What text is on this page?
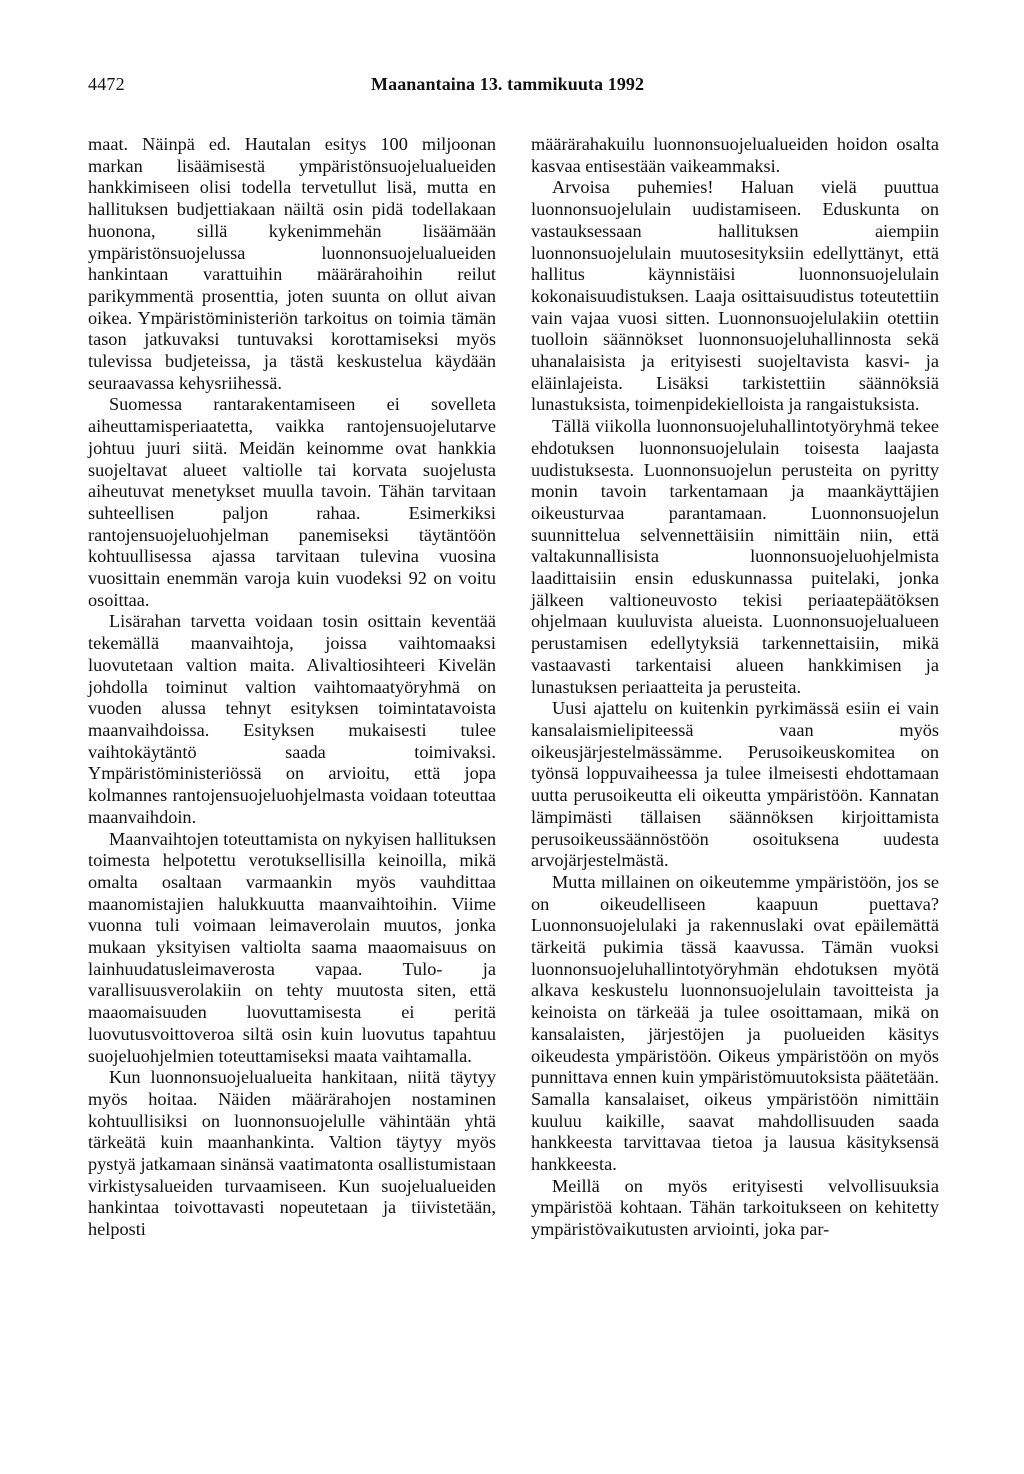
4472	Maanantaina 13. tammikuuta 1992

maat. Näinpä ed. Hautalan esitys 100 miljoonan markan lisäämisestä ympäristönsuojelualueiden hankkimiseen olisi todella tervetullut lisä, mutta en hallituksen budjettiakaan näiltä osin pidä todellakaan huonona, sillä kykenimmehän lisäämään ympäristönsuojelussa luonnonsuojelualueiden hankintaan varattuihin määrärahoihin reilut parikymmentä prosenttia, joten suunta on ollut aivan oikea. Ympäristöministeriön tarkoitus on toimia tämän tason jatkuvaksi tuntuvaksi korottamiseksi myös tulevissa budjeteissa, ja tästä keskustelua käydään seuraavassa kehysriihessä.

Suomessa rantarakentamiseen ei sovelleta aiheuttamisperiaatetta, vaikka rantojensuojelutarve johtuu juuri siitä. Meidän keinomme ovat hankkia suojeltavat alueet valtiolle tai korvata suojelusta aiheutuvat menetykset muulla tavoin. Tähän tarvitaan suhteellisen paljon rahaa. Esimerkiksi rantojensuojeluohjelman panemiseksi täytäntöön kohtuullisessa ajassa tarvitaan tulevina vuosina vuosittain enemmän varoja kuin vuodeksi 92 on voitu osoittaa.

Lisärahan tarvetta voidaan tosin osittain keventää tekemällä maanvaihtoja, joissa vaihtomaaksi luovutetaan valtion maita. Alivaltiosihteeri Kivelän johdolla toiminut valtion vaihtomaatyöryhmä on vuoden alussa tehnyt esityksen toimintatavoista maanvaihdoissa. Esityksen mukaisesti tulee vaihtokäytäntö saada toimivaksi. Ympäristöministeriössä on arvioitu, että jopa kolmannes rantojensuojeluohjelmasta voidaan toteuttaa maanvaihdoin.

Maanvaihtojen toteuttamista on nykyisen hallituksen toimesta helpotettu verotuksellisilla keinoilla, mikä omalta osaltaan varmaankin myös vauhdittaa maanomistajien halukkuutta maanvaihtoihin. Viime vuonna tuli voimaan leimaverolain muutos, jonka mukaan yksityisen valtiolta saama maaomaisuus on lainhuudatusleimaverosta vapaa. Tulo- ja varallisuusverolakiin on tehty muutosta siten, että maaomaisuuden luovuttamisesta ei peritä luovutusvoittoveroa siltä osin kuin luovutus tapahtuu suojeluohjelmien toteuttamiseksi maata vaihtamalla.

Kun luonnonsuojelualueita hankitaan, niitä täytyy myös hoitaa. Näiden määrärahojen nostaminen kohtuullisiksi on luonnonsuojelulle vähintään yhtä tärkeätä kuin maanhankinta. Valtion täytyy myös pystyä jatkamaan sinänsä vaatimatonta osallistumistaan virkistysalueiden turvaamiseen. Kun suojelualueiden hankintaa toivottavasti nopeutetaan ja tiivistetään, helposti

määrärahakuilu luonnonsuojelualueiden hoidon osalta kasvaa entisestään vaikeammaksi.

Arvoisa puhemies! Haluan vielä puuttua luonnonsuojelulain uudistamiseen. Eduskunta on vastauksessaan hallituksen aiempiin luonnonsuojelulain muutosesityksiin edellyttänyt, että hallitus käynnistäisi luonnonsuojelulain kokonaisuudistuksen. Laaja osittaisuudistus toteutettiin vain vajaa vuosi sitten. Luonnonsuojelulakiin otettiin tuolloin säännökset luonnonsuojeluhallinnosta sekä uhanalaisista ja erityisesti suojeltavista kasvi- ja eläinlajeista. Lisäksi tarkistettiin säännöksiä lunastuksista, toimenpidekielloista ja rangaistuksista.

Tällä viikolla luonnonsuojeluhallintotyöryhmä tekee ehdotuksen luonnonsuojelulain toisesta laajasta uudistuksesta. Luonnonsuojelun perusteita on pyritty monin tavoin tarkentamaan ja maankäyttäjien oikeusturvaa parantamaan. Luonnonsuojelun suunnittelua selvennettäisiin nimittäin niin, että valtakunnallisista luonnonsuojeluohjelmista laadittaisiin ensin eduskunnassa puitelaki, jonka jälkeen valtioneuvosto tekisi periaatepäätöksen ohjelmaan kuuluvista alueista. Luonnonsuojelualueen perustamisen edellytyksiä tarkennettaisiin, mikä vastaavasti tarkentaisi alueen hankkimisen ja lunastuksen periaatteita ja perusteita.

Uusi ajattelu on kuitenkin pyrkimässä esiin ei vain kansalaismielipiteessä vaan myös oikeusjärjestelmässämme. Perusoikeuskomitea on työnsä loppuvaiheessa ja tulee ilmeisesti ehdottamaan uutta perusoikeutta eli oikeutta ympäristöön. Kannatan lämpimästi tällaisen säännöksen kirjoittamista perusoikeussäännöstöön osoituksena uudesta arvojärjestelmästä.

Mutta millainen on oikeutemme ympäristöön, jos se on oikeudelliseen kaapuun puettava? Luonnonsuojelulaki ja rakennuslaki ovat epäilemättä tärkeitä pukimia tässä kaavussa. Tämän vuoksi luonnonsuojeluhallintotyöryhmän ehdotuksen myötä alkava keskustelu luonnonsuojelulain tavoitteista ja keinoista on tärkeää ja tulee osoittamaan, mikä on kansalaisten, järjestöjen ja puolueiden käsitys oikeudesta ympäristöön. Oikeus ympäristöön on myös punnittava ennen kuin ympäristömuutoksista päätetään. Samalla kansalaiset, oikeus ympäristöön nimittäin kuuluu kaikille, saavat mahdollisuuden saada hankkeesta tarvittavaa tietoa ja lausua käsityksensä hankkeesta.

Meillä on myös erityisesti velvollisuuksia ympäristöä kohtaan. Tähän tarkoitukseen on kehitetty ympäristövaikutusten arviointi, joka par-
